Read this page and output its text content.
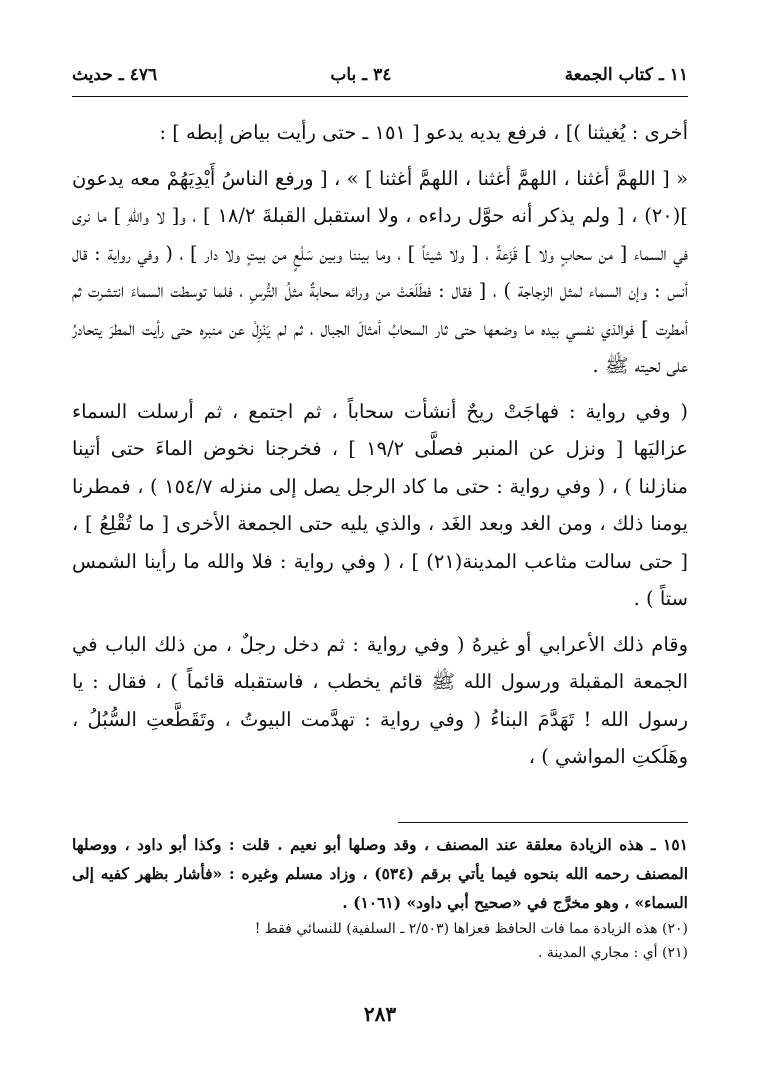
١١ ـ كتاب الجمعة
٣٤ ـ باب
٤٧٦ ـ حديث

أخرى : يُغيثنا )] ، فرفع يديه يدعو [ ١٥١ ـ حتى رأيت بياض إبطه ] :

« [ اللهمَّ أغثنا ، اللهمَّ أغثنا ، اللهمَّ أغثنا ] » ، [ ورفع الناسُ أَيْدِيَهُمْ معه يدعون ](٢٠) ، [ ولم يذكر أنه حوَّل رداءه ، ولا استقبل القبلةَ ١٨/٢ ] ، و[ لا واللهِ ] ما نرى في السماء [ من سحابٍ ولا ] قَزَعةً ، [ ولا شيئاً ] ، وما بيننا وبين سَلْعٍ من بيتٍ ولا دار ] ، ( وفي رواية : قال أنس : وإن السماء لمثل الزجاجة ) ، [ فقال : فطَلَعَتْ من ورائه سحابةٌ مثلُ التُّرسِ ، فلما توسطت السماءَ انتشرت ثم أمطرت ] فوالذي نفسي بيده ما وضعها حتى ثار السحابُ أمثالَ الجبال ، ثم لم يَنْزِلْ عن منبره حتى رأيت المطرَ يتحادرُ على لحيته ﷺ .

( وفي رواية : فهاجَتْ ريحٌ أنشأت سحاباً ، ثم اجتمع ، ثم أرسلت السماء عزاليَها [ ونزل عن المنبر فصلَّى ١٩/٢ ] ، فخرجنا نخوض الماءَ حتى أتينا منازلنا ) ، ( وفي رواية : حتى ما كاد الرجل يصل إلى منزله ١٥٤/٧ ) ، فمطرنا يومنا ذلك ، ومن الغد وبعد الغَد ، والذي يليه حتى الجمعة الأخرى [ ما تُقْلِعُ ] ، [ حتى سالت مثاعب المدينة(٢١) ] ، ( وفي رواية : فلا والله ما رأينا الشمس ستاً ) .

وقام ذلك الأعرابي أو غيرهُ ( وفي رواية : ثم دخل رجلٌ ، من ذلك الباب في الجمعة المقبلة ورسول الله ﷺ قائم يخطب ، فاستقبله قائماً ) ، فقال : يا رسول الله ! تَهَدَّمَ البناءُ ( وفي رواية : تهدَّمت البيوتُ ، وتَقَطَّعتِ السُّبُلُ ، وهَلَكتِ المواشي ) ،

١٥١ ـ هذه الزيادة معلقة عند المصنف ، وقد وصلها أبو نعيم . قلت : وكذا أبو داود ، ووصلها المصنف رحمه الله بنحوه فيما يأتي برقم (٥٣٤) ، وزاد مسلم وغيره : «فأشار بظهر كفيه إلى السماء» ، وهو مخرَّج في «صحيح أبي داود» (١٠٦١) .

(٢٠) هذه الزيادة مما فات الحافظ فعزاها (٢/٥٠٣ ـ السلفية) للنسائي فقط !

(٢١) أي : مجاري المدينة .

٢٨٣
